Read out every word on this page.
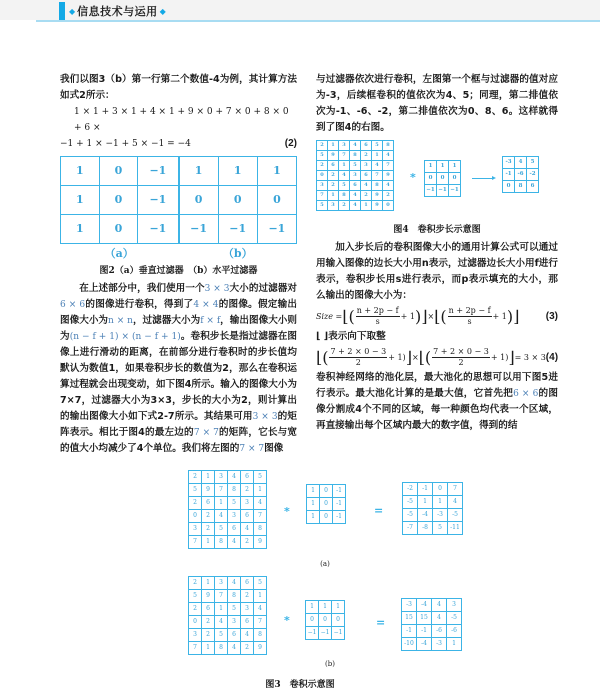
◆ 信息技术与运用 ◆

我们以图3（b）第一行第二个数值-4为例，其计算方法如式2所示：

1 × 1 + 3 × 1 + 4 × 1 + 9 × 0 + 7 × 0 + 8 × 0 + 6 ×
−1 + 1 × −1 + 5 × −1 = −4	(2)
1	0	−1
1	0	−1
1	0	−1
（a）
1	1	1
0	0	0
−1	−1	−1
（b）
图2（a）垂直过滤器　（b）水平过滤器

在上述部分中，我们使用一个3 × 3大小的过滤器对6 × 6的图像进行卷积，得到了4 × 4的图像。假定输出图像大小为n × n，过滤器大小为f × f，输出图像大小则为(n − f + 1) × (n − f + 1)。卷积步长是指过滤器在图像上进行滑动的距离，在前部分进行卷积时的步长值均默认为数值1，如果卷积步长的数值为2，那么在卷积运算过程就会出现变动，如下图4所示。输入的图像大小为7×7，过滤器大小为3×3，步长的大小为2，则计算出的输出图像大小如下式2-7所示。其结果可用3 × 3的矩阵表示。相比于图4的最左边的7 × 7的矩阵，它长与宽的值大小均减少了4个单位。我们将左图的7 × 7图像

与过滤器依次进行卷积，左图第一个框与过滤器的值对应为-3，后续框卷积的值依次为4、5；同理，第二排值依次为-1、-6、-2，第二排值依次为0、8、6。这样就得到了图4的右图。

2	1	3	4	6	5	8
5	9	7	8	2	1	4
2	6	1	5	3	4	7
0	2	4	3	6	7	9
3	2	5	6	4	8	4
7	1	8	4	2	9	2
5	3	2	4	1	9	0
*
1	1	1
0	0	0
−1	−1	−1
-3	4	5
-1	-6	-2
0	8	6
图4　卷积步长示意图

加入步长后的卷积图像大小的通用计算公式可以通过用输入图像的边长大小用n表示，过滤器边长大小用f进行表示，卷积步长用s进行表示，而p表示填充的大小，那么输出的图像大小为：

Size = ⌊( $\frac{n + 2p - f}{s} + 1$ )⌋ × ⌊( $\frac{n + 2p - f}{s} + 1$ )⌋	(3)

⌊ ⌋表示向下取整

⌊( $\frac{7 + 2 \times 0 - 3}{2} + 1$) ⌋ × ⌊( $\frac{7 + 2 \times 0 - 3}{2} + 1$) ⌋ = 3 × 3 (4)

卷积神经网络的池化层，最大池化的思想可以用下图5进行表示。最大池化计算的是最大值，它首先把6 × 6的图像分割成4个不同的区域，每一种颜色均代表一个区域，再直接输出每个区域内最大的数字值，得到的结

2	1	3	4	6	5
5	9	7	8	2	1
2	6	1	5	3	4
0	2	4	3	6	7
3	2	5	6	4	8
7	1	8	4	2	9
*
1	0	-1
1	0	-1
1	0	-1	=
-2	-1	0	7
-5	1	1	4
-5	-4	-3	-5
-7	-8	5	-11
(a)
2	1	3	4	6	5
5	9	7	8	2	1
2	6	1	5	3	4
0	2	4	3	6	7
3	2	5	6	4	8
7	1	8	4	2	9
*
1	1	1
0	0	0
−1	−1	−1
=
-3	-4	4	3
15	15	4	-5
-1	-1	-6	-6
-10	-4	-3	1
(b)
图3　卷积示意图
